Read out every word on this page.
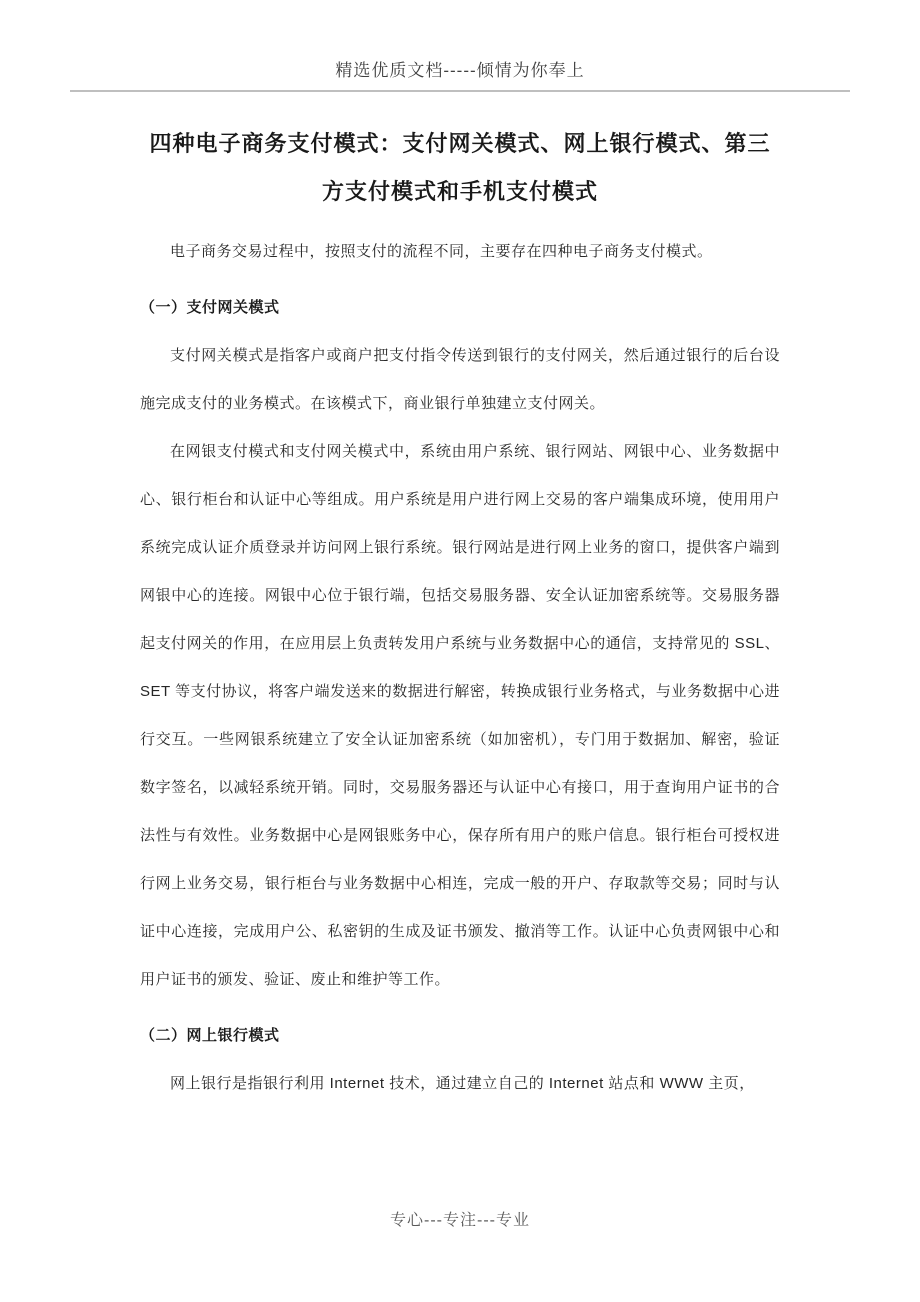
精选优质文档-----倾情为你奉上
四种电子商务支付模式：支付网关模式、网上银行模式、第三方支付模式和手机支付模式

电子商务交易过程中，按照支付的流程不同，主要存在四种电子商务支付模式。

（一）支付网关模式

支付网关模式是指客户或商户把支付指令传送到银行的支付网关，然后通过银行的后台设施完成支付的业务模式。在该模式下，商业银行单独建立支付网关。

在网银支付模式和支付网关模式中，系统由用户系统、银行网站、网银中心、业务数据中心、银行柜台和认证中心等组成。用户系统是用户进行网上交易的客户端集成环境，使用用户系统完成认证介质登录并访问网上银行系统。银行网站是进行网上业务的窗口，提供客户端到网银中心的连接。网银中心位于银行端，包括交易服务器、安全认证加密系统等。交易服务器起支付网关的作用，在应用层上负责转发用户系统与业务数据中心的通信，支持常见的 SSL、SET 等支付协议，将客户端发送来的数据进行解密，转换成银行业务格式，与业务数据中心进行交互。一些网银系统建立了安全认证加密系统（如加密机），专门用于数据加、解密，验证数字签名，以减轻系统开销。同时，交易服务器还与认证中心有接口，用于查询用户证书的合法性与有效性。业务数据中心是网银账务中心，保存所有用户的账户信息。银行柜台可授权进行网上业务交易，银行柜台与业务数据中心相连，完成一般的开户、存取款等交易；同时与认证中心连接，完成用户公、私密钥的生成及证书颁发、撤消等工作。认证中心负责网银中心和用户证书的颁发、验证、废止和维护等工作。

（二）网上银行模式

网上银行是指银行利用 Internet 技术，通过建立自己的 Internet 站点和 WWW 主页，

专心---专注---专业
